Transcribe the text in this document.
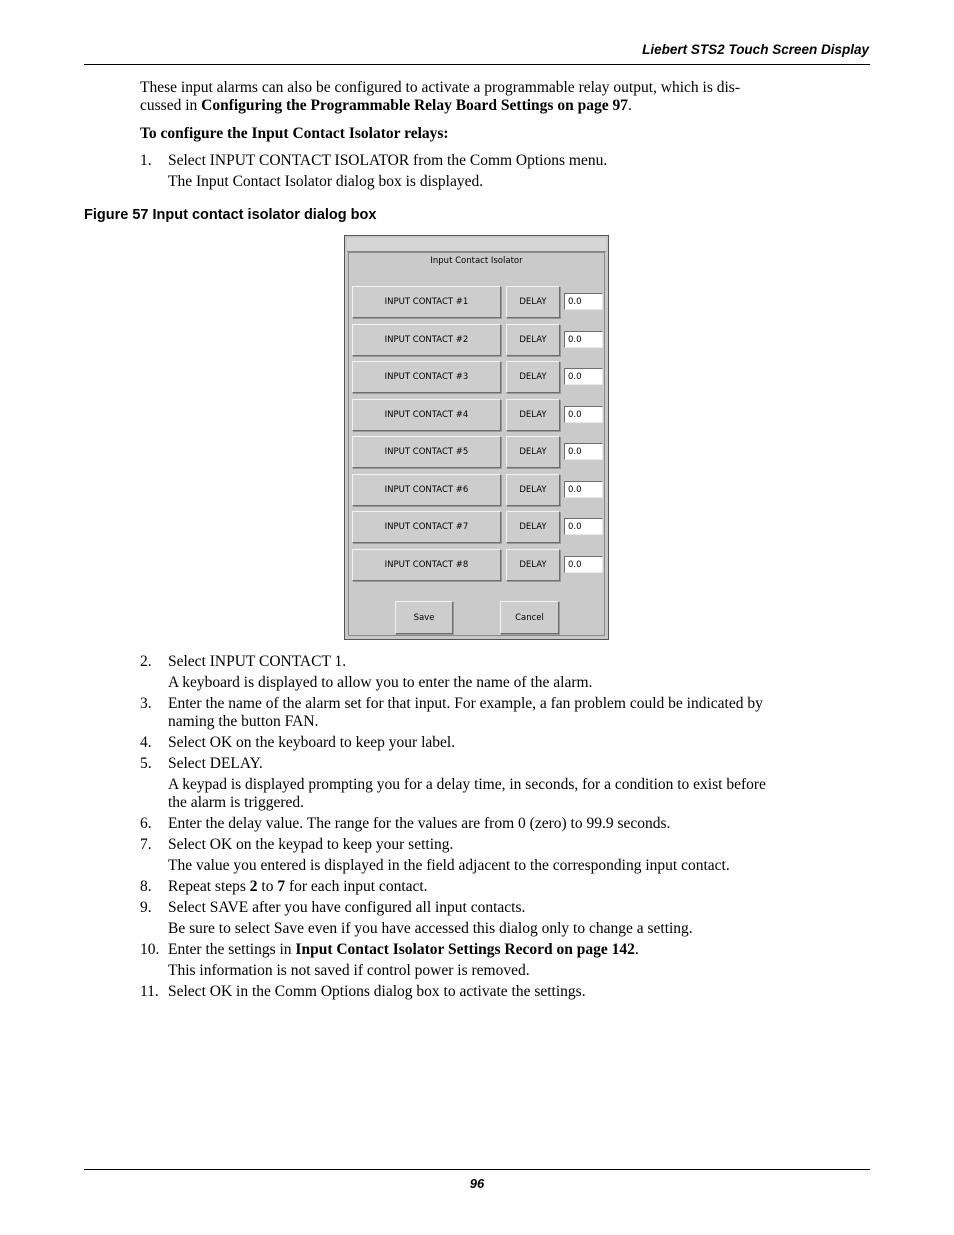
Liebert STS2 Touch Screen Display
These input alarms can also be configured to activate a programmable relay output, which is dis-
cussed in Configuring the Programmable Relay Board Settings on page 97.
To configure the Input Contact Isolator relays:
1. Select INPUT CONTACT ISOLATOR from the Comm Options menu.
The Input Contact Isolator dialog box is displayed.
Figure 57 Input contact isolator dialog box
Input Contact Isolator
INPUT CONTACT #1	DELAY	0.0
INPUT CONTACT #2	DELAY	0.0
INPUT CONTACT #3	DELAY	0.0
INPUT CONTACT #4	DELAY	0.0
INPUT CONTACT #5	DELAY	0.0
INPUT CONTACT #6	DELAY	0.0
INPUT CONTACT #7	DELAY	0.0
INPUT CONTACT #8	DELAY	0.0
Save	Cancel
2. Select INPUT CONTACT 1.
A keyboard is displayed to allow you to enter the name of the alarm.
3. Enter the name of the alarm set for that input. For example, a fan problem could be indicated by
naming the button FAN.
4. Select OK on the keyboard to keep your label.
5. Select DELAY.
A keypad is displayed prompting you for a delay time, in seconds, for a condition to exist before
the alarm is triggered.
6. Enter the delay value. The range for the values are from 0 (zero) to 99.9 seconds.
7. Select OK on the keypad to keep your setting.
The value you entered is displayed in the field adjacent to the corresponding input contact.
8. Repeat steps 2 to 7 for each input contact.
9. Select SAVE after you have configured all input contacts.
Be sure to select Save even if you have accessed this dialog only to change a setting.
10. Enter the settings in Input Contact Isolator Settings Record on page 142.
This information is not saved if control power is removed.
11. Select OK in the Comm Options dialog box to activate the settings.
96
